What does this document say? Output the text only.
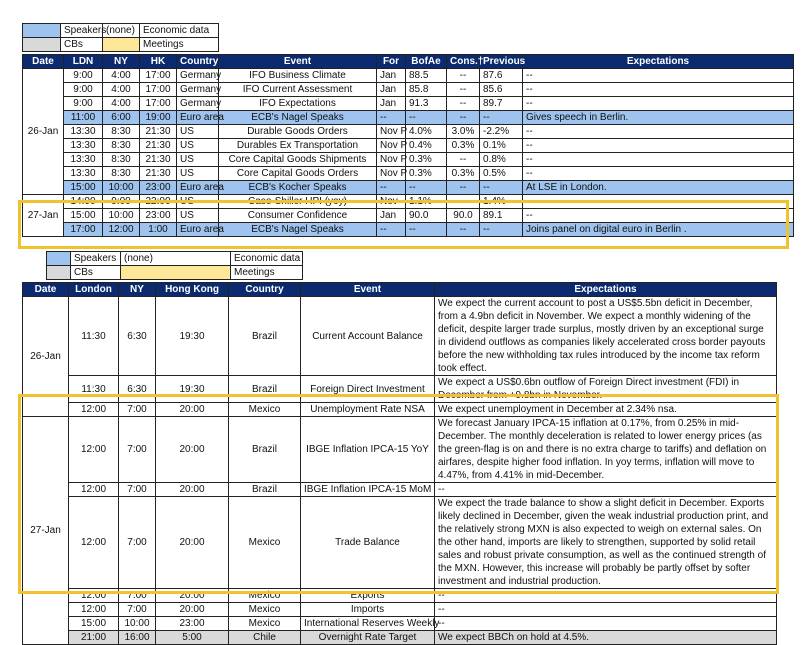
	Speakers	(none)	Economic data
	CBs		Meetings
Date	LDN	NY	HK	Country	Event	For	BofAe	Cons.†	Previous	Expectations
26-Jan	9:00	4:00	17:00	Germany	IFO Business Climate	Jan	88.5	--	87.6	--
	9:00	4:00	17:00	Germany	IFO Current Assessment	Jan	85.8	--	85.6	--
	9:00	4:00	17:00	Germany	IFO Expectations	Jan	91.3	--	89.7	--
	11:00	6:00	19:00	Euro area	ECB's Nagel Speaks	--	--	--	--	Gives speech in Berlin.
	13:30	8:30	21:30	US	Durable Goods Orders	Nov P	4.0%	3.0%	-2.2%	--
	13:30	8:30	21:30	US	Durables Ex Transportation	Nov P	0.4%	0.3%	0.1%	--
	13:30	8:30	21:30	US	Core Capital Goods Shipments	Nov P	0.3%	--	0.8%	--
	13:30	8:30	21:30	US	Core Capital Goods Orders	Nov P	0.3%	0.3%	0.5%	--
	15:00	10:00	23:00	Euro area	ECB's Kocher Speaks	--	--	--	--	At LSE in London.
27-Jan	14:00	9:00	22:00	US	Case-Shiller HPI (yoy)	Nov	1.1%	--	1.4%	--
	15:00	10:00	23:00	US	Consumer Confidence	Jan	90.0	90.0	89.1	--
	17:00	12:00	1:00	Euro area	ECB's Nagel Speaks	--	--	--	--	Joins panel on digital euro in Berlin .
	Speakers	(none)	Economic data
	CBs		Meetings
Date	London	NY	Hong Kong	Country	Event	Expectations
26-Jan	11:30	6:30	19:30	Brazil	Current Account Balance	We expect the current account to post a US$5.5bn deficit in December, from a 4.9bn deficit in November. We expect a monthly widening of the deficit, despite larger trade surplus, mostly driven by an exceptional surge in dividend outflows as companies likely accelerated cross border payouts before the new withholding tax rules introduced by the income tax reform took effect.
	11:30	6:30	19:30	Brazil	Foreign Direct Investment	We expect a US$0.6bn outflow of Foreign Direct investment (FDI) in December from +9.8bn in November.
	12:00	7:00	20:00	Mexico	Unemployment Rate NSA	We expect unemployment in December at 2.34% nsa.
27-Jan	12:00	7:00	20:00	Brazil	IBGE Inflation IPCA-15 YoY	We forecast January IPCA-15 inflation at 0.17%, from 0.25% in mid-December. The monthly deceleration is related to lower energy prices (as the green-flag is on and there is no extra charge to tariffs) and deflation on airfares, despite higher food inflation. In yoy terms, inflation will move to 4.47%, from 4.41% in mid-December.
	12:00	7:00	20:00	Brazil	IBGE Inflation IPCA-15 MoM	--
	12:00	7:00	20:00	Mexico	Trade Balance	We expect the trade balance to show a slight deficit in December. Exports likely declined in December, given the weak industrial production print, and the relatively strong MXN is also expected to weigh on external sales. On the other hand, imports are likely to strengthen, supported by solid retail sales and robust private consumption, as well as the continued strength of the MXN. However, this increase will probably be partly offset by softer investment and industrial production.
	12:00	7:00	20:00	Mexico	Exports	--
	12:00	7:00	20:00	Mexico	Imports	--
	15:00	10:00	23:00	Mexico	International Reserves Weekly	--
	21:00	16:00	5:00	Chile	Overnight Rate Target	We expect BBCh on hold at 4.5%.
